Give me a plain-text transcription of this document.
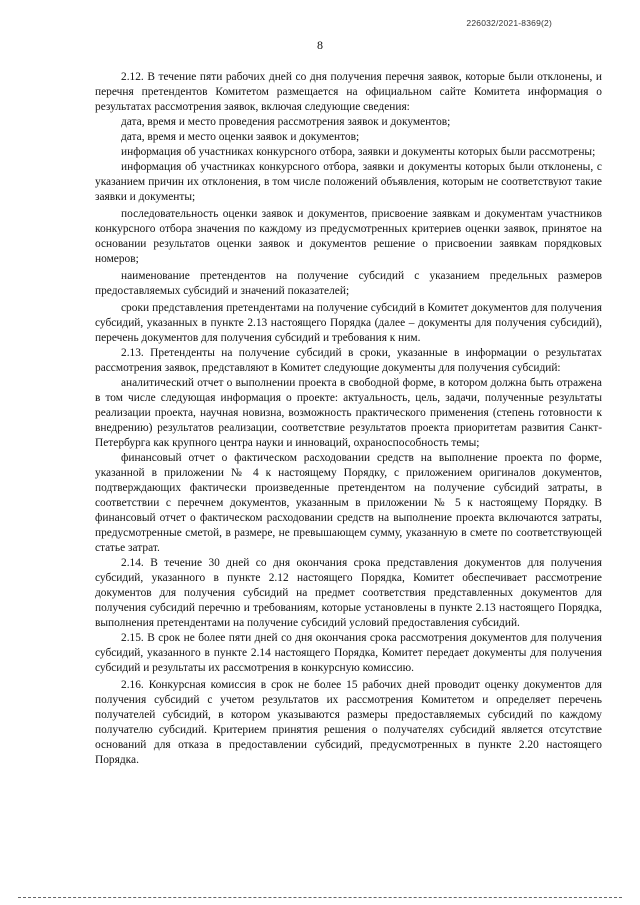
226032/2021-8369(2)
8

2.12. В течение пяти рабочих дней со дня получения перечня заявок, которые были отклонены, и перечня претендентов Комитетом размещается на официальном сайте Комитета информация о результатах рассмотрения заявок, включая следующие сведения:

дата, время и место проведения рассмотрения заявок и документов;

дата, время и место оценки заявок и документов;

информация об участниках конкурсного отбора, заявки и документы которых были рассмотрены;

информация об участниках конкурсного отбора, заявки и документы которых были отклонены, с указанием причин их отклонения, в том числе положений объявления, которым не соответствуют такие заявки и документы;

последовательность оценки заявок и документов, присвоение заявкам и документам участников конкурсного отбора значения по каждому из предусмотренных критериев оценки заявок, принятое на основании результатов оценки заявок и документов решение о присвоении заявкам порядковых номеров;

наименование претендентов на получение субсидий с указанием предельных размеров предоставляемых субсидий и значений показателей;

сроки представления претендентами на получение субсидий в Комитет документов для получения субсидий, указанных в пункте 2.13 настоящего Порядка (далее – документы для получения субсидий), перечень документов для получения субсидий и требования к ним.

2.13. Претенденты на получение субсидий в сроки, указанные в информации о результатах рассмотрения заявок, представляют в Комитет следующие документы для получения субсидий:

аналитический отчет о выполнении проекта в свободной форме, в котором должна быть отражена в том числе следующая информация о проекте: актуальность, цель, задачи, полученные результаты реализации проекта, научная новизна, возможность практического применения (степень готовности к внедрению) результатов реализации, соответствие результатов проекта приоритетам развития Санкт-Петербурга как крупного центра науки и инноваций, охраноспособность темы;

финансовый отчет о фактическом расходовании средств на выполнение проекта по форме, указанной в приложении № 4 к настоящему Порядку, с приложением оригиналов документов, подтверждающих фактически произведенные претендентом на получение субсидий затраты, в соответствии с перечнем документов, указанным в приложении № 5 к настоящему Порядку. В финансовый отчет о фактическом расходовании средств на выполнение проекта включаются затраты, предусмотренные сметой, в размере, не превышающем сумму, указанную в смете по соответствующей статье затрат.

2.14. В течение 30 дней со дня окончания срока представления документов для получения субсидий, указанного в пункте 2.12 настоящего Порядка, Комитет обеспечивает рассмотрение документов для получения субсидий на предмет соответствия представленных документов для получения субсидий перечню и требованиям, которые установлены в пункте 2.13 настоящего Порядка, выполнения претендентами на получение субсидий условий предоставления субсидий.

2.15. В срок не более пяти дней со дня окончания срока рассмотрения документов для получения субсидий, указанного в пункте 2.14 настоящего Порядка, Комитет передает документы для получения субсидий и результаты их рассмотрения в конкурсную комиссию.

2.16. Конкурсная комиссия в срок не более 15 рабочих дней проводит оценку документов для получения субсидий с учетом результатов их рассмотрения Комитетом и определяет перечень получателей субсидий, в котором указываются размеры предоставляемых субсидий по каждому получателю субсидий. Критерием принятия решения о получателях субсидий является отсутствие оснований для отказа в предоставлении субсидий, предусмотренных в пункте 2.20 настоящего Порядка.
